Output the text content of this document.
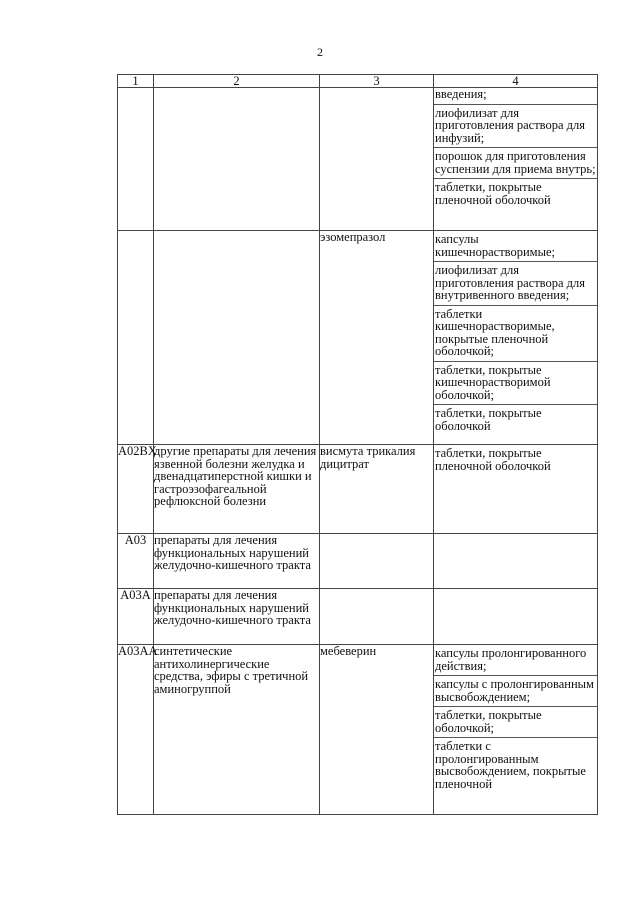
2
1	2	3	4

			введения;
лиофилизат для приготовления раствора для инфузий;
порошок для приготовления суспензии для приема внутрь;
таблетки, покрытые пленочной оболочкой

		эзомепразол	капсулы кишечнорастворимые;
лиофилизат для приготовления раствора для внутривенного введения;
таблетки кишечнорастворимые, покрытые пленочной оболочкой;
таблетки, покрытые кишечнорастворимой оболочкой;
таблетки, покрытые оболочкой

A02BX	другие препараты для лечения язвенной болезни желудка и двенадцатиперстной кишки и гастроэзофагеальной рефлюксной болезни	висмута трикалия дицитрат	таблетки, покрытые пленочной оболочкой

A03	препараты для лечения функциональных нарушений желудочно-кишечного тракта		
A03A	препараты для лечения функциональных нарушений желудочно-кишечного тракта		
A03AA	синтетические антихолинергические средства, эфиры с третичной аминогруппой	мебеверин	капсулы пролонгированного действия;
капсулы с пролонгированным высвобождением;
таблетки, покрытые оболочкой;
таблетки с пролонгированным высвобождением, покрытые пленочной
